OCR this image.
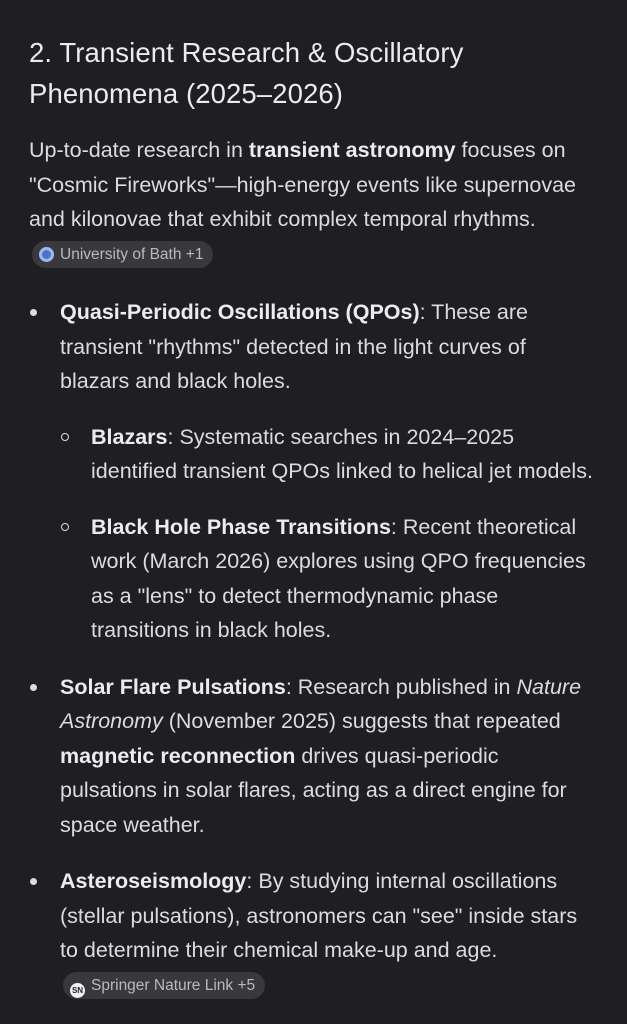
2. Transient Research & Oscillatory Phenomena (2025–2026)

Up-to-date research in transient astronomy focuses on "Cosmic Fireworks"—high-energy events like supernovae and kilonovae that exhibit complex temporal rhythms. University of Bath +1

Quasi-Periodic Oscillations (QPOs): These are transient "rhythms" detected in the light curves of blazars and black holes.
Blazars: Systematic searches in 2024–2025 identified transient QPOs linked to helical jet models.
Black Hole Phase Transitions: Recent theoretical work (March 2026) explores using QPO frequencies as a "lens" to detect thermodynamic phase transitions in black holes.
Solar Flare Pulsations: Research published in Nature Astronomy (November 2025) suggests that repeated magnetic reconnection drives quasi-periodic pulsations in solar flares, acting as a direct engine for space weather.
Asteroseismology: By studying internal oscillations (stellar pulsations), astronomers can "see" inside stars to determine their chemical make-up and age. SN Springer Nature Link +5
